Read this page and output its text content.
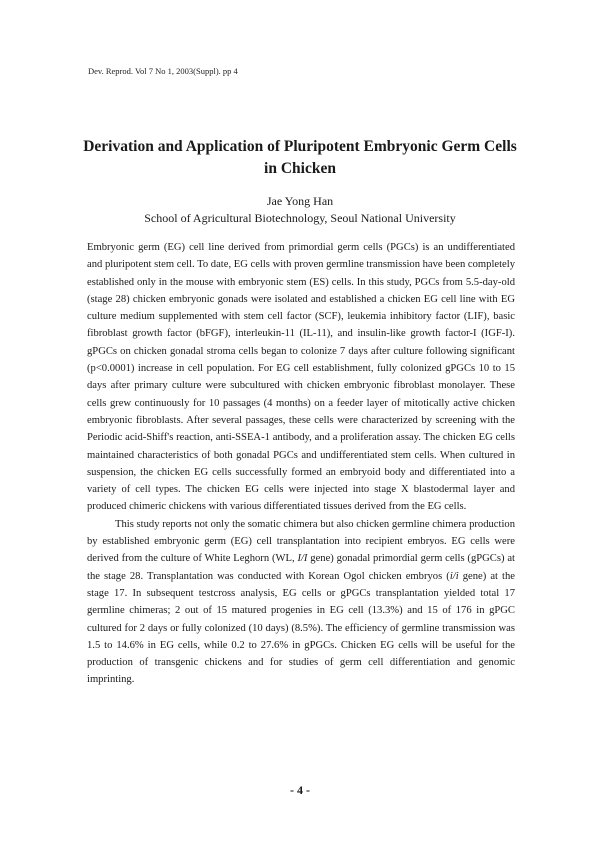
Dev. Reprod. Vol 7 No 1, 2003(Suppl). pp 4
Derivation and Application of Pluripotent Embryonic Germ Cells
in Chicken
Jae Yong Han
School of Agricultural Biotechnology, Seoul National University

Embryonic germ (EG) cell line derived from primordial germ cells (PGCs) is an undifferentiated and pluripotent stem cell. To date, EG cells with proven germline transmission have been completely established only in the mouse with embryonic stem (ES) cells. In this study, PGCs from 5.5-day-old (stage 28) chicken embryonic gonads were isolated and established a chicken EG cell line with EG culture medium supplemented with stem cell factor (SCF), leukemia inhibitory factor (LIF), basic fibroblast growth factor (bFGF), interleukin-11 (IL-11), and insulin-like growth factor-I (IGF-I). gPGCs on chicken gonadal stroma cells began to colonize 7 days after culture following significant (p<0.0001) increase in cell population. For EG cell establishment, fully colonized gPGCs 10 to 15 days after primary culture were subcultured with chicken embryonic fibroblast monolayer. These cells grew continuously for 10 passages (4 months) on a feeder layer of mitotically active chicken embryonic fibroblasts. After several passages, these cells were characterized by screening with the Periodic acid-Shiff's reaction, anti-SSEA-1 antibody, and a proliferation assay. The chicken EG cells maintained characteristics of both gonadal PGCs and undifferentiated stem cells. When cultured in suspension, the chicken EG cells successfully formed an embryoid body and differentiated into a variety of cell types. The chicken EG cells were injected into stage X blastodermal layer and produced chimeric chickens with various differentiated tissues derived from the EG cells.

This study reports not only the somatic chimera but also chicken germline chimera production by established embryonic germ (EG) cell transplantation into recipient embryos. EG cells were derived from the culture of White Leghorn (WL, I/I gene) gonadal primordial germ cells (gPGCs) at the stage 28. Transplantation was conducted with Korean Ogol chicken embryos (i/i gene) at the stage 17. In subsequent testcross analysis, EG cells or gPGCs transplantation yielded total 17 germline chimeras; 2 out of 15 matured progenies in EG cell (13.3%) and 15 of 176 in gPGC cultured for 2 days or fully colonized (10 days) (8.5%). The efficiency of germline transmission was 1.5 to 14.6% in EG cells, while 0.2 to 27.6% in gPGCs. Chicken EG cells will be useful for the production of transgenic chickens and for studies of germ cell differentiation and genomic imprinting.

- 4 -
